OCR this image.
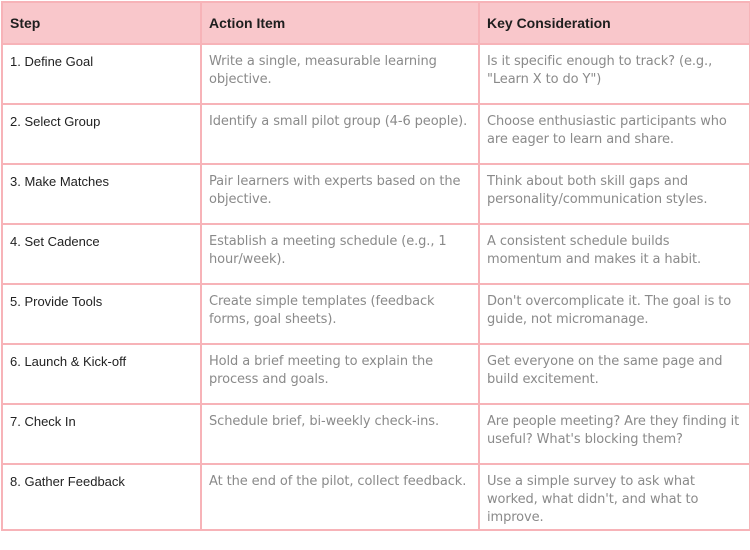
Step	Action Item	Key Consideration
1. Define Goal	Write a single, measurable learning objective.	Is it specific enough to track? (e.g., "Learn X to do Y")
2. Select Group	Identify a small pilot group (4-6 people).	Choose enthusiastic participants who are eager to learn and share.
3. Make Matches	Pair learners with experts based on the objective.	Think about both skill gaps and personality/communication styles.
4. Set Cadence	Establish a meeting schedule (e.g., 1 hour/week).	A consistent schedule builds momentum and makes it a habit.
5. Provide Tools	Create simple templates (feedback forms, goal sheets).	Don't overcomplicate it. The goal is to guide, not micromanage.
6. Launch & Kick-off	Hold a brief meeting to explain the process and goals.	Get everyone on the same page and build excitement.
7. Check In	Schedule brief, bi-weekly check-ins.	Are people meeting? Are they finding it useful? What's blocking them?
8. Gather Feedback	At the end of the pilot, collect feedback.	Use a simple survey to ask what worked, what didn't, and what to improve.
